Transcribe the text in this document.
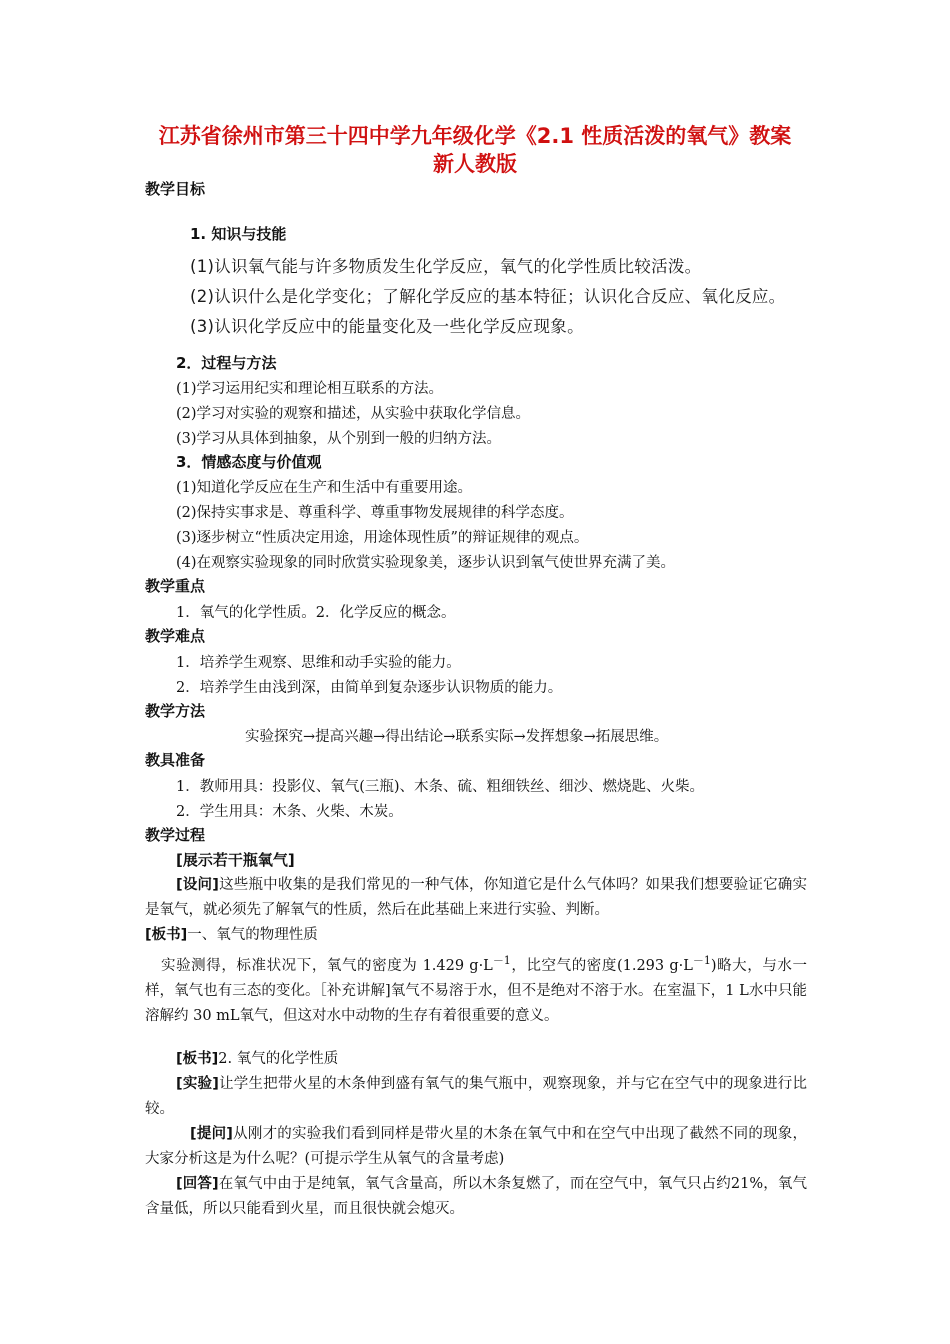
江苏省徐州市第三十四中学九年级化学《2.1 性质活泼的氧气》教案 新人教版
教学目标
1. 知识与技能
(1)认识氧气能与许多物质发生化学反应，氧气的化学性质比较活泼。
(2)认识什么是化学变化；了解化学反应的基本特征；认识化合反应、氧化反应。
(3)认识化学反应中的能量变化及一些化学反应现象。
2．过程与方法
(1)学习运用纪实和理论相互联系的方法。
(2)学习对实验的观察和描述，从实验中获取化学信息。
(3)学习从具体到抽象，从个别到一般的归纳方法。
3．情感态度与价值观
(1)知道化学反应在生产和生活中有重要用途。
(2)保持实事求是、尊重科学、尊重事物发展规律的科学态度。
(3)逐步树立“性质决定用途，用途体现性质”的辩证规律的观点。
(4)在观察实验现象的同时欣赏实验现象美，逐步认识到氧气使世界充满了美。
教学重点
1．氧气的化学性质。2．化学反应的概念。
教学难点
1．培养学生观察、思维和动手实验的能力。
2．培养学生由浅到深，由简单到复杂逐步认识物质的能力。
教学方法
实验探究→提高兴趣→得出结论→联系实际→发挥想象→拓展思维。
教具准备
1．教师用具：投影仪、氧气(三瓶)、木条、硫、粗细铁丝、细沙、燃烧匙、火柴。
2．学生用具：木条、火柴、木炭。
教学过程
[展示若干瓶氧气]
[设问]这些瓶中收集的是我们常见的一种气体，你知道它是什么气体吗？如果我们想要验证它确实是氧气，就必须先了解氧气的性质，然后在此基础上来进行实验、判断。
[板书]一、氧气的物理性质
实验测得，标准状况下，氧气的密度为 1.429 $g\cdot L^{-1}$，比空气的密度(1.293 $g\cdot L^{-1}$)略大，与水一样，氧气也有三态的变化。［补充讲解]氧气不易溶于水，但不是绝对不溶于水。在室温下，1 L水中只能溶解约 30 mL氧气，但这对水中动物的生存有着很重要的意义。
[板书]2. 氧气的化学性质
[实验]让学生把带火星的木条伸到盛有氧气的集气瓶中，观察现象，并与它在空气中的现象进行比较。
[提问]从刚才的实验我们看到同样是带火星的木条在氧气中和在空气中出现了截然不同的现象，大家分析这是为什么呢？(可提示学生从氧气的含量考虑)
[回答]在氧气中由于是纯氧，氧气含量高，所以木条复燃了，而在空气中，氧气只占约21%，氧气含量低，所以只能看到火星，而且很快就会熄灭。
